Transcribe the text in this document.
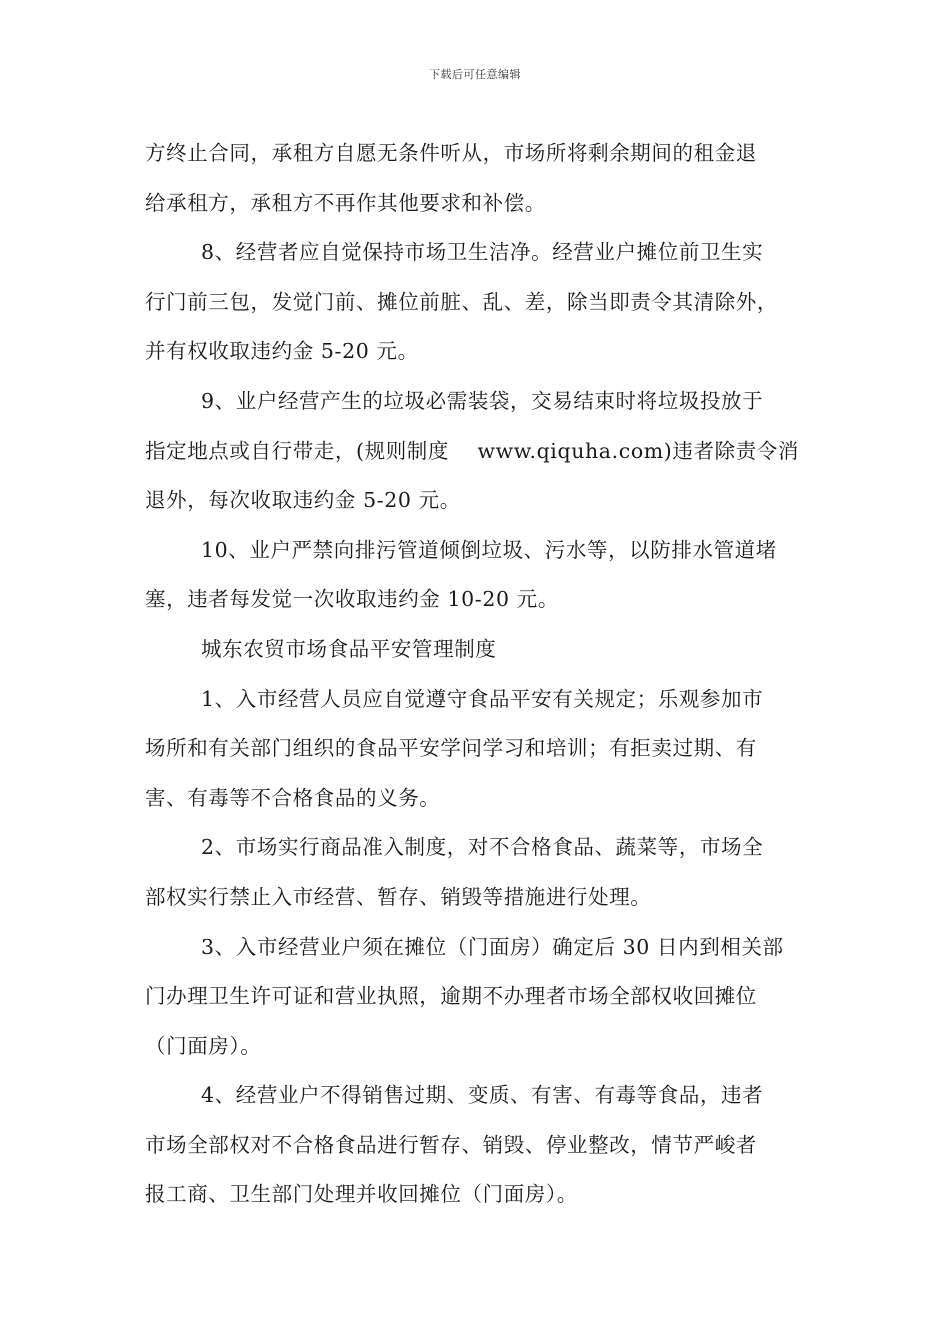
下载后可任意编辑
方终止合同，承租方自愿无条件听从，市场所将剩余期间的租金退
给承租方，承租方不再作其他要求和补偿。
8、经营者应自觉保持市场卫生洁净。经营业户摊位前卫生实
行门前三包，发觉门前、摊位前脏、乱、差，除当即责令其清除外，
并有权收取违约金 5-20 元。
9、业户经营产生的垃圾必需装袋，交易结束时将垃圾投放于
指定地点或自行带走，(规则制度    www.qiquha.com)违者除责令消
退外，每次收取违约金 5-20 元。
10、业户严禁向排污管道倾倒垃圾、污水等，以防排水管道堵
塞，违者每发觉一次收取违约金 10-20 元。
城东农贸市场食品平安管理制度
1、入市经营人员应自觉遵守食品平安有关规定；乐观参加市
场所和有关部门组织的食品平安学问学习和培训；有拒卖过期、有
害、有毒等不合格食品的义务。
2、市场实行商品准入制度，对不合格食品、蔬菜等，市场全
部权实行禁止入市经营、暂存、销毁等措施进行处理。
3、入市经营业户须在摊位（门面房）确定后 30 日内到相关部
门办理卫生许可证和营业执照，逾期不办理者市场全部权收回摊位
（门面房）。
4、经营业户不得销售过期、变质、有害、有毒等食品，违者
市场全部权对不合格食品进行暂存、销毁、停业整改，情节严峻者
报工商、卫生部门处理并收回摊位（门面房）。
